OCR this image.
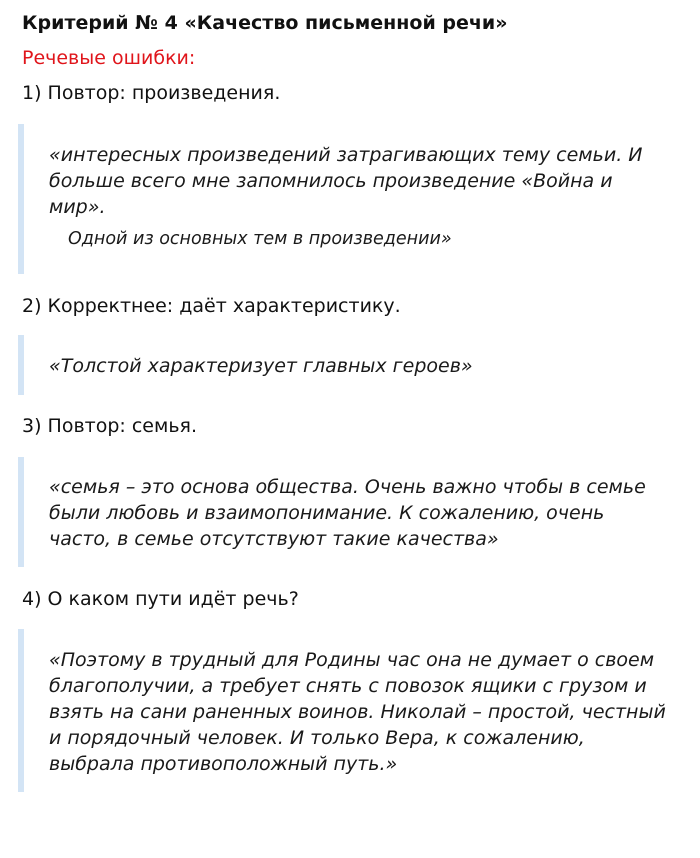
Критерий № 4 «Качество письменной речи»
Речевые ошибки:
1) Повтор: произведения.
«интересных произведений затрагивающих тему семьи. И больше всего мне запомнилось произведение «Война и мир».
Одной из основных тем в произведении»
2) Корректнее: даёт характеристику.
«Толстой характеризует главных героев»
3) Повтор: семья.
«семья – это основа общества. Очень важно чтобы в семье были любовь и взаимопонимание. К сожалению, очень часто, в семье отсутствуют такие качества»
4) О каком пути идёт речь?
«Поэтому в трудный для Родины час она не думает о своем благополучии, а требует снять с повозок ящики с грузом и взять на сани раненных воинов. Николай – простой, честный и порядочный человек. И только Вера, к сожалению, выбрала противоположный путь.»
